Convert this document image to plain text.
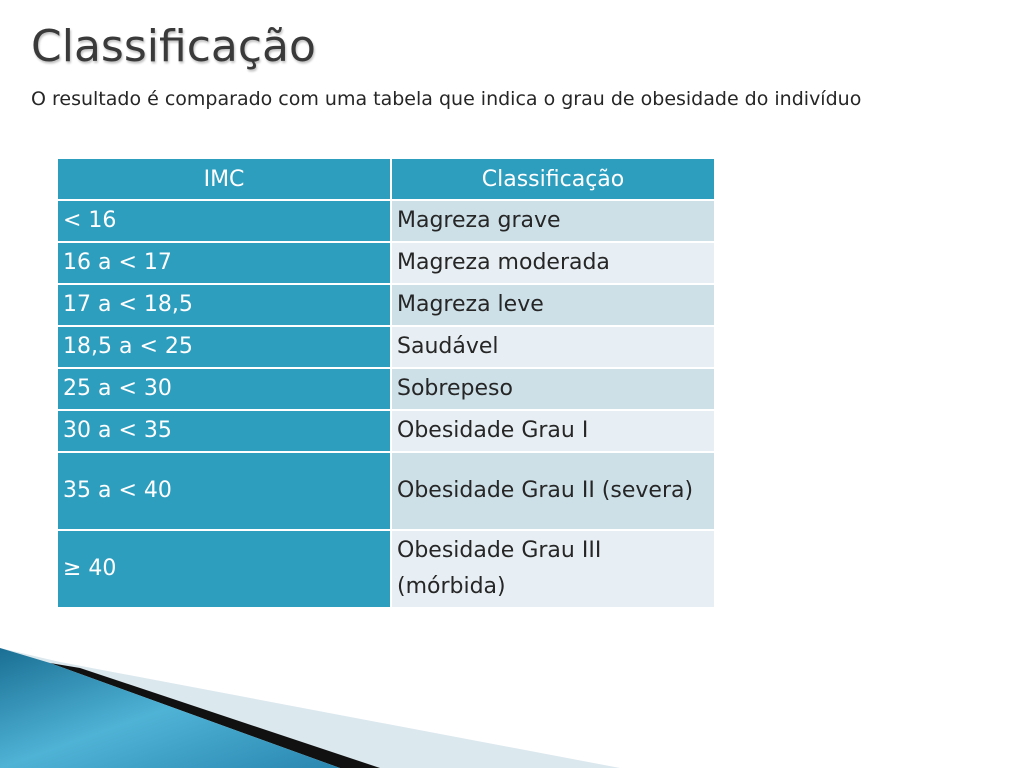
Classificação

O resultado é comparado com uma tabela que indica o grau de obesidade do indivíduo

IMC	Classificação
< 16	Magreza grave
16 a < 17	Magreza moderada
17 a < 18,5	Magreza leve
18,5 a < 25	Saudável
25 a < 30	Sobrepeso
30 a < 35	Obesidade Grau I
35 a < 40	Obesidade Grau II (severa)
≥ 40	Obesidade Grau III (mórbida)
